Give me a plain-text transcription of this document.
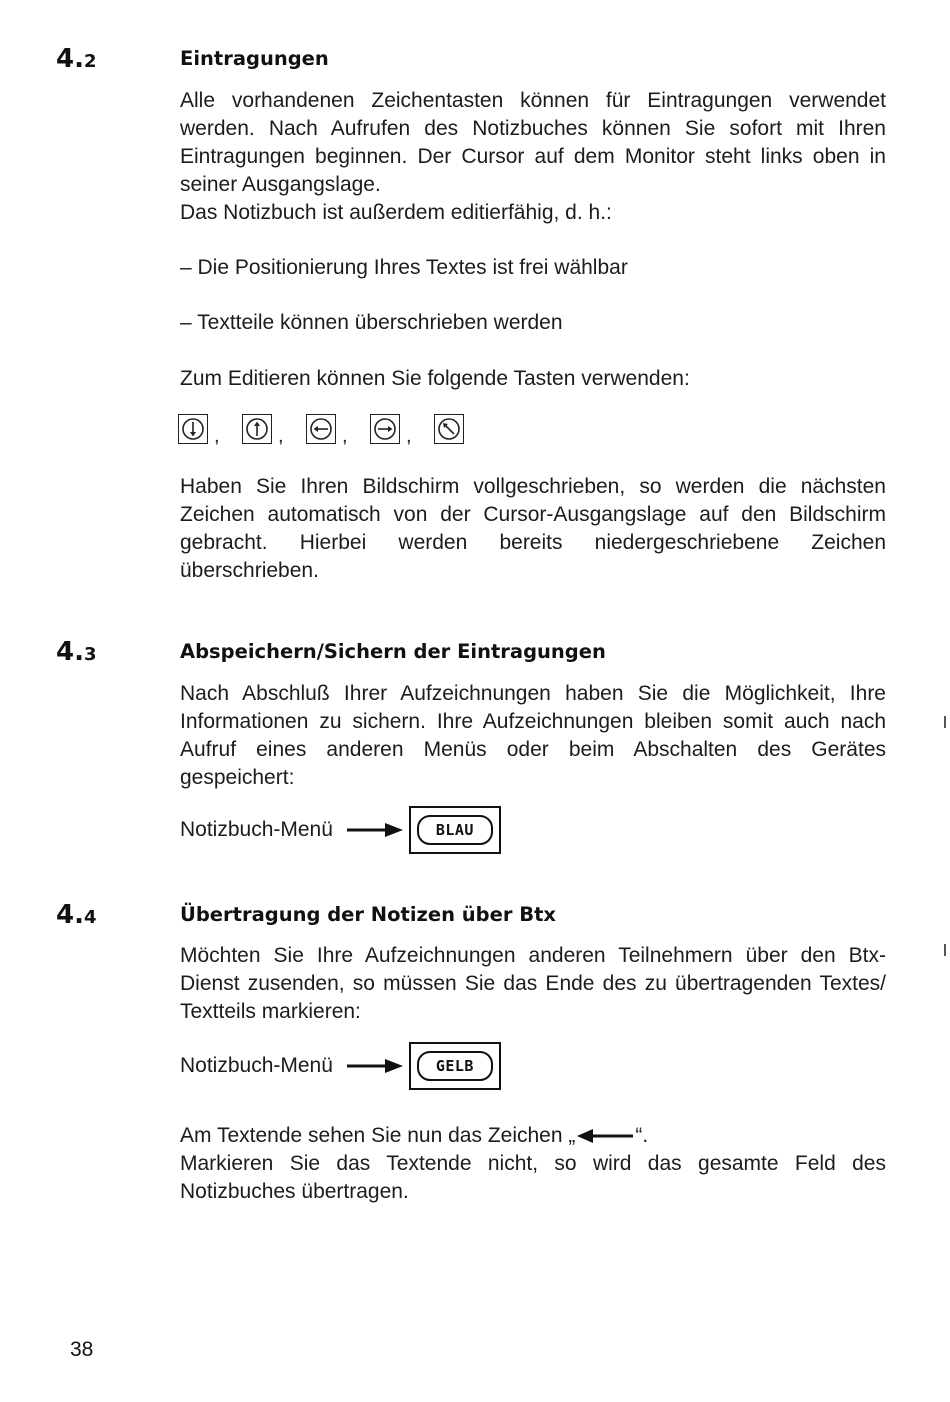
4.2	Eintragungen

Alle vorhandenen Zeichentasten können für Eintragungen verwendet werden. Nach Aufrufen des Notizbuches können Sie sofort mit Ihren Eintragungen beginnen. Der Cursor auf dem Monitor steht links oben in seiner Ausgangslage.

Das Notizbuch ist außerdem editierfähig, d. h.:
– Die Positionierung Ihres Textes ist frei wählbar
– Textteile können überschrieben werden
Zum Editieren können Sie folgende Tasten verwenden:
,	,	,	,

Haben Sie Ihren Bildschirm vollgeschrieben, so werden die nächsten Zeichen automatisch von der Cursor-Ausgangslage auf den Bildschirm gebracht. Hierbei werden bereits niedergeschriebene Zeichen überschrieben.

4.3	Abspeichern/Sichern der Eintragungen

Nach Abschluß Ihrer Aufzeichnungen haben Sie die Möglichkeit, Ihre Informationen zu sichern. Ihre Aufzeichnungen bleiben somit auch nach Aufruf eines anderen Menüs oder beim Abschalten des Gerätes gespeichert:

Notizbuch-Menü	BLAU
4.4	Übertragung der Notizen über Btx

Möchten Sie Ihre Aufzeichnungen anderen Teilnehmern über den Btx-Dienst zusenden, so müssen Sie das Ende des zu übertragenden Textes/ Textteils markieren:

Notizbuch-Menü	GELB
Am Textende sehen Sie nun das Zeichen „	“.

Markieren Sie das Textende nicht, so wird das gesamte Feld des Notizbuches übertragen.

38
